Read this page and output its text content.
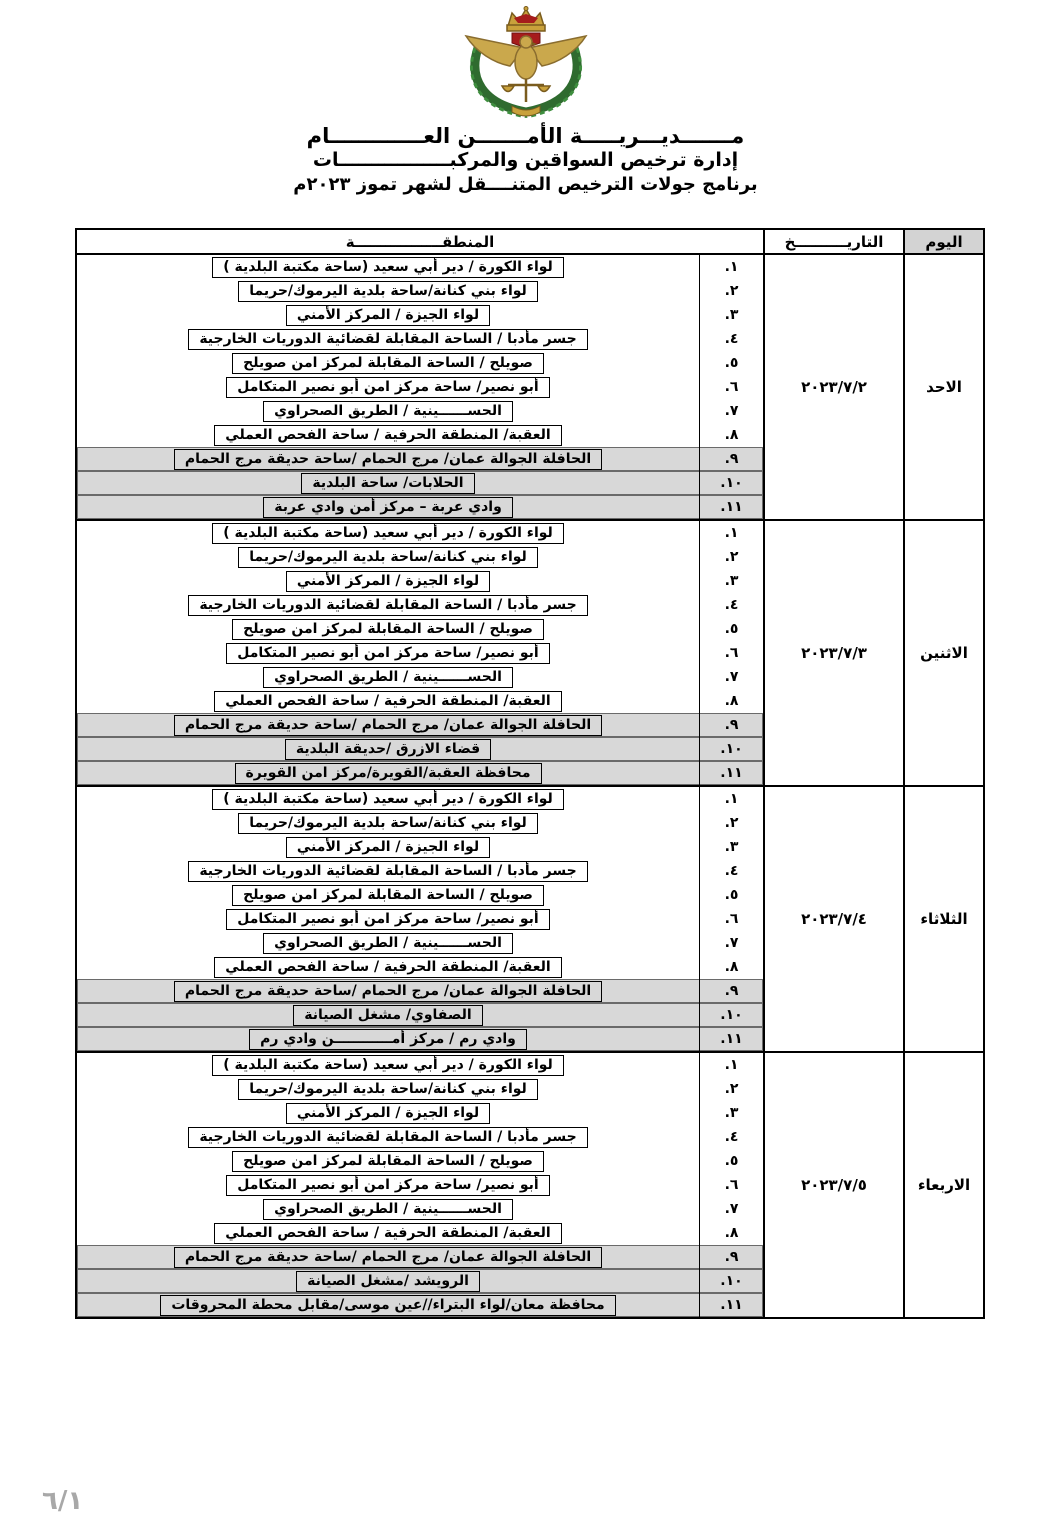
مـــــــديـــريـــــة الأمـــــــن العـــــــــــــام
إدارة ترخيص السواقين والمركبـــــــــــــــــات
برنامج جولات الترخيص المتنــــقل لشهر تموز ٢٠٢٣م
اليوم
التاريــــــــــخ
المنطقـــــــــــــــــة
الاحد
٢٠٢٣/٧/٢
١.
لواء الكورة / دير أبي سعيد (ساحة مكتبة البلدية )
٢.
لواء بني كنانة/ساحة بلدية اليرموك/حريما
٣.
لواء الجيزة / المركز الأمني
٤.
جسر مأدبا / الساحة المقابلة لقضائية الدوريات الخارجية
٥.
صويلح / الساحة المقابلة لمركز امن صويلح
٦.
أبو نصير/ ساحة مركز امن أبو نصير المتكامل
٧.
الحســــــينية / الطريق الصحراوي
٨.
العقبة/ المنطقة الحرفية / ساحة الفحص العملي
٩.
الحافلة الجوالة عمان/ مرج الحمام /ساحة حديقة مرج الحمام
١٠.
الحلابات/ ساحة البلدية
١١.
وادي عربة – مركز أمن وادي عربة
الاثنين
٢٠٢٣/٧/٣
١.
لواء الكورة / دير أبي سعيد (ساحة مكتبة البلدية )
٢.
لواء بني كنانة/ساحة بلدية اليرموك/حريما
٣.
لواء الجيزة / المركز الأمني
٤.
جسر مأدبا / الساحة المقابلة لقضائية الدوريات الخارجية
٥.
صويلح / الساحة المقابلة لمركز امن صويلح
٦.
أبو نصير/ ساحة مركز امن أبو نصير المتكامل
٧.
الحســــــينية / الطريق الصحراوي
٨.
العقبة/ المنطقة الحرفية / ساحة الفحص العملي
٩.
الحافلة الجوالة عمان/ مرج الحمام /ساحة حديقة مرج الحمام
١٠.
قضاء الازرق /حديقة البلدية
١١.
محافظة العقبة/القويرة/مركز امن القويرة
الثلاثاء
٢٠٢٣/٧/٤
١.
لواء الكورة / دير أبي سعيد (ساحة مكتبة البلدية )
٢.
لواء بني كنانة/ساحة بلدية اليرموك/حريما
٣.
لواء الجيزة / المركز الأمني
٤.
جسر مأدبا / الساحة المقابلة لقضائية الدوريات الخارجية
٥.
صويلح / الساحة المقابلة لمركز امن صويلح
٦.
أبو نصير/ ساحة مركز امن أبو نصير المتكامل
٧.
الحســــــينية / الطريق الصحراوي
٨.
العقبة/ المنطقة الحرفية / ساحة الفحص العملي
٩.
الحافلة الجوالة عمان/ مرج الحمام /ساحة حديقة مرج الحمام
١٠.
الصفاوي/ مشغل الصيانة
١١.
وادي رم / مركز أمــــــــــــن وادي رم
الاربعاء
٢٠٢٣/٧/٥
١.
لواء الكورة / دير أبي سعيد (ساحة مكتبة البلدية )
٢.
لواء بني كنانة/ساحة بلدية اليرموك/حريما
٣.
لواء الجيزة / المركز الأمني
٤.
جسر مأدبا / الساحة المقابلة لقضائية الدوريات الخارجية
٥.
صويلح / الساحة المقابلة لمركز امن صويلح
٦.
أبو نصير/ ساحة مركز امن أبو نصير المتكامل
٧.
الحســــــينية / الطريق الصحراوي
٨.
العقبة/ المنطقة الحرفية / ساحة الفحص العملي
٩.
الحافلة الجوالة عمان/ مرج الحمام /ساحة حديقة مرج الحمام
١٠.
الرويشد /مشغل الصيانة
١١.
محافظة معان/لواء البتراء//عين موسى/مقابل محطة المحروقات
٦/١
